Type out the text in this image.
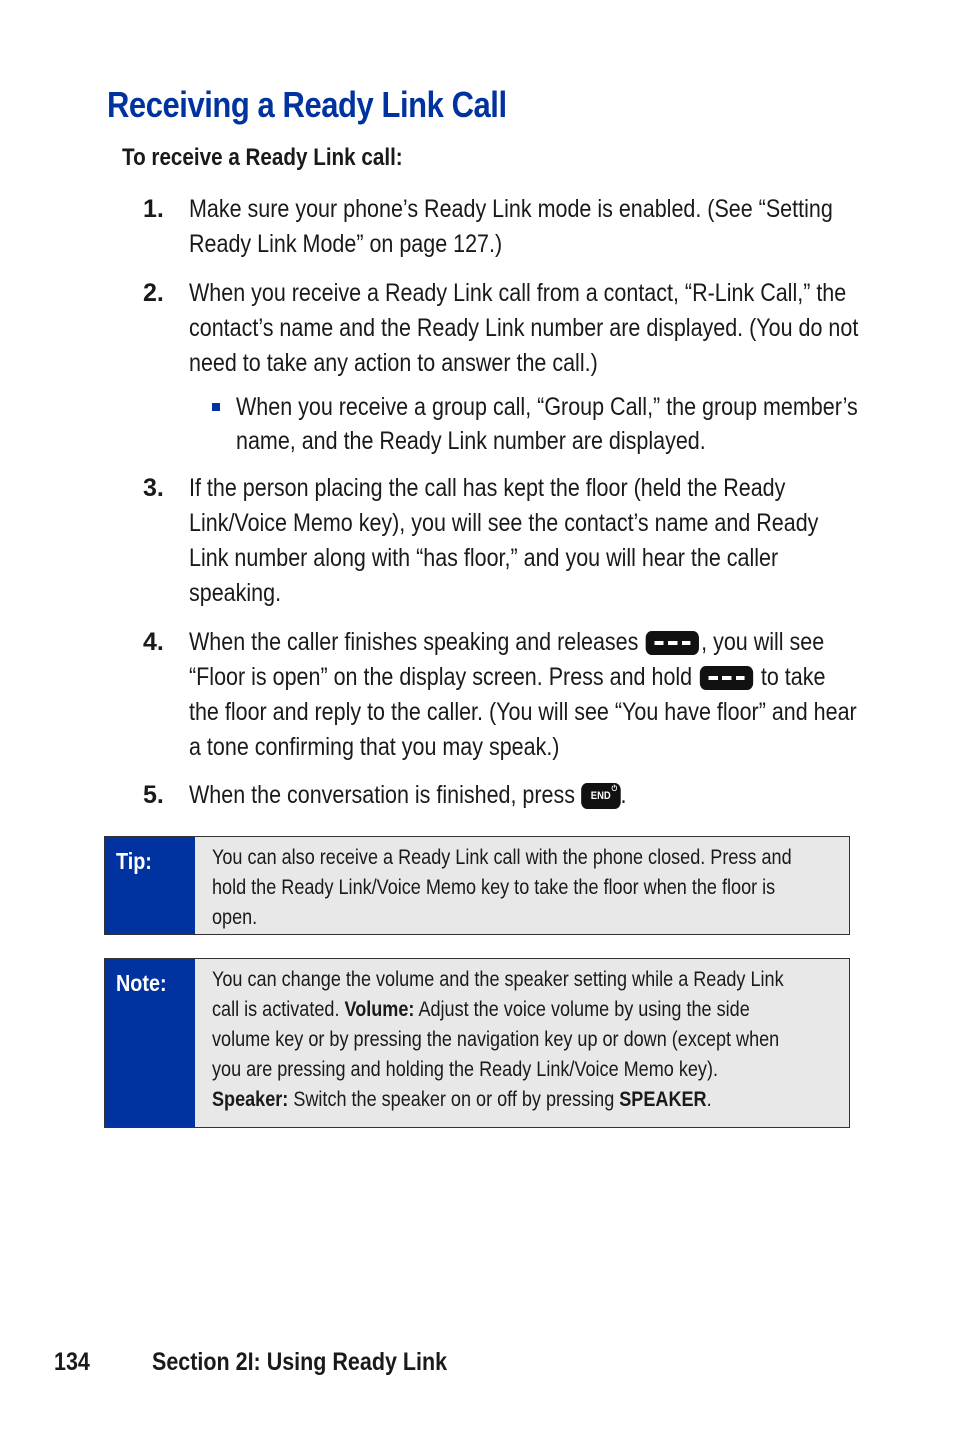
Receiving a Ready Link Call
To receive a Ready Link call:
1. Make sure your phone’s Ready Link mode is enabled. (See “Setting
Ready Link Mode” on page 127.)
2. When you receive a Ready Link call from a contact, “R-Link Call,” the
contact’s name and the Ready Link number are displayed. (You do not
need to take any action to answer the call.)
When you receive a group call, “Group Call,” the group member’s
name, and the Ready Link number are displayed.
3. If the person placing the call has kept the floor (held the Ready
Link/Voice Memo key), you will see the contact’s name and Ready
Link number along with “has floor,” and you will hear the caller
speaking.
4. When the caller finishes speaking and releases	, you will see
“Floor is open” on the display screen. Press and hold	to take
the floor and reply to the caller. (You will see “You have floor” and hear
a tone confirming that you may speak.)
5. When the conversation is finished, press END
⏻ .
Tip:	You can also receive a Ready Link call with the phone closed. Press and
hold the Ready Link/Voice Memo key to take the floor when the floor is
open.
Note: You can change the volume and the speaker setting while a Ready Link
call is activated. Volume: Adjust the voice volume by using the side
volume key or by pressing the navigation key up or down (except when
you are pressing and holding the Ready Link/Voice Memo key).
Speaker: Switch the speaker on or off by pressing SPEAKER.
134 Section 2I: Using Ready Link
